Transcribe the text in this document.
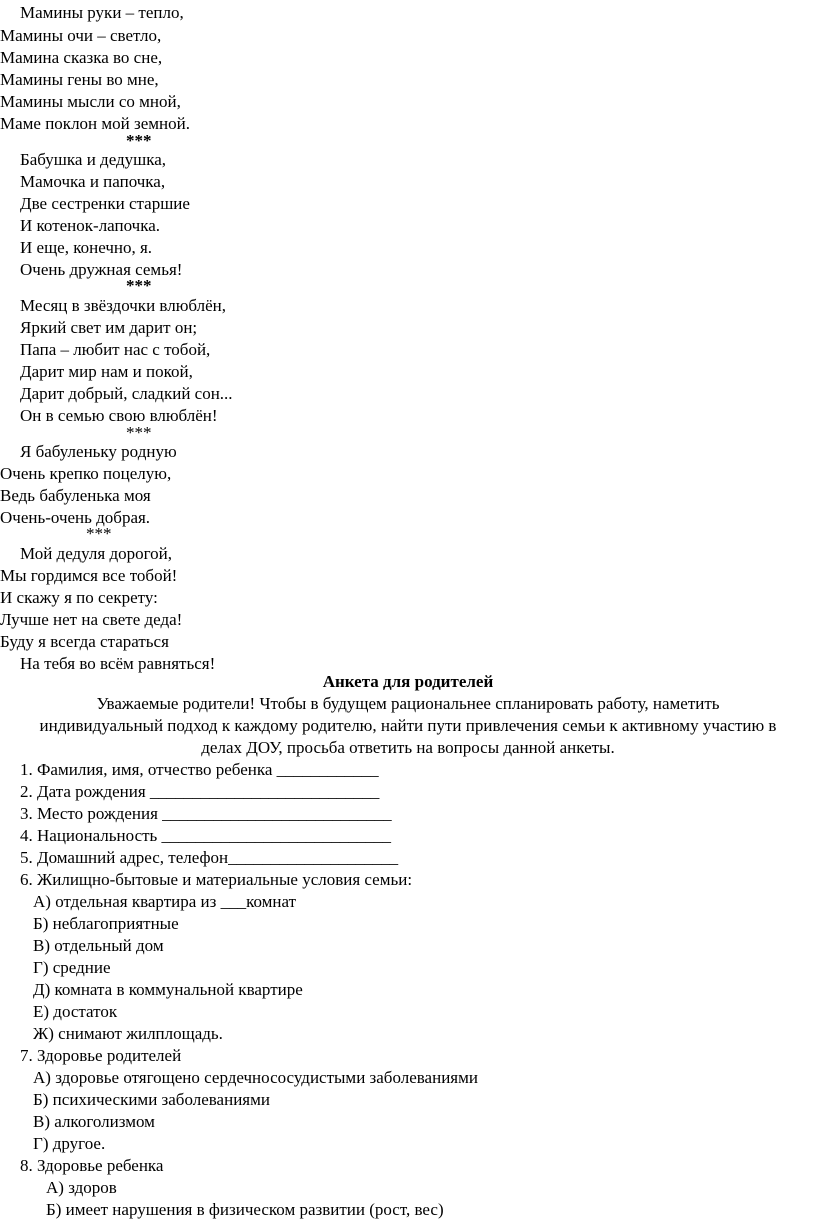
Мамины руки – тепло,
Мамины очи – светло,
Мамина сказка во сне,
Мамины гены во мне,
Мамины мысли со мной,
Маме поклон мой земной.
***
Бабушка и дедушка,
Мамочка и папочка,
Две сестренки старшие
И котенок-лапочка.
И еще, конечно, я.
Очень дружная семья!
***
Месяц в звёздочки влюблён,
Яркий свет им дарит он;
Папа – любит нас с тобой,
Дарит мир нам и покой,
Дарит добрый, сладкий сон...
Он в семью свою влюблён!
***
Я бабуленьку родную
Очень крепко поцелую,
Ведь бабуленька моя
Очень-очень добрая.
***
Мой дедуля дорогой,
Мы гордимся все тобой!
И скажу я по секрету:
Лучше нет на свете деда!
Буду я всегда стараться
На тебя во всём равняться!
Анкета для родителей
Уважаемые родители! Чтобы в будущем рациональнее спланировать работу, наметить
индивидуальный подход к каждому родителю, найти пути привлечения семьи к активному участию в
делах ДОУ, просьба ответить на вопросы данной анкеты.
1. Фамилия, имя, отчество ребенка ____________
2. Дата рождения ___________________________
3. Место рождения ___________________________
4. Национальность ___________________________
5. Домашний адрес, телефон____________________
6. Жилищно-бытовые и материальные условия семьи:
А) отдельная квартира из ___комнат
Б) неблагоприятные
В) отдельный дом
Г) средние
Д) комната в коммунальной квартире
Е) достаток
Ж) снимают жилплощадь.
7. Здоровье родителей
А) здоровье отягощено сердечнососудистыми заболеваниями
Б) психическими заболеваниями
В) алкоголизмом
Г) другое.
8. Здоровье ребенка
А) здоров
Б) имеет нарушения в физическом развитии (рост, вес)
